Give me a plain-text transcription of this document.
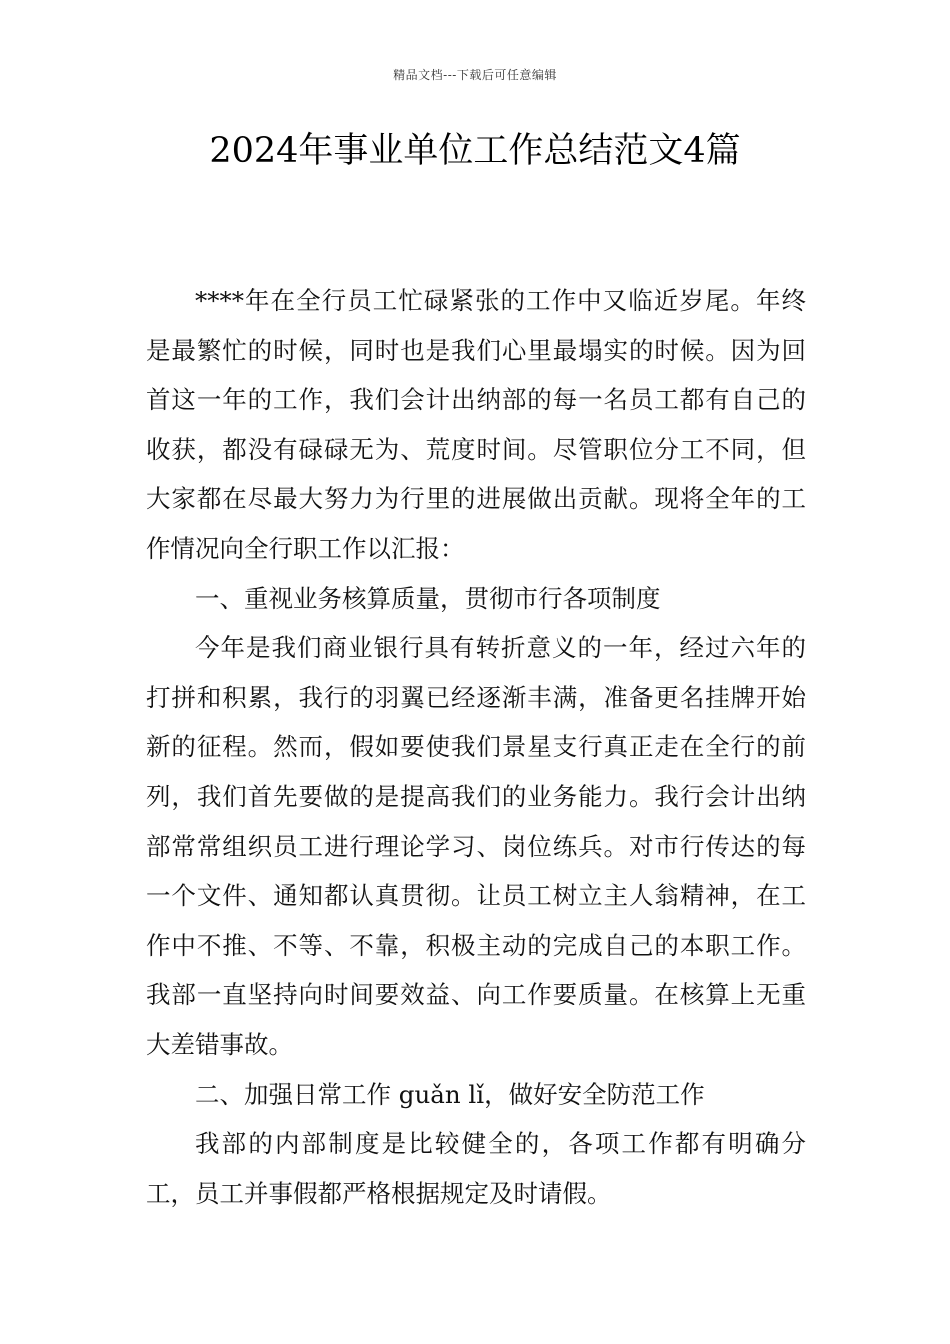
精品文档---下载后可任意编辑
2024年事业单位工作总结范文4篇

****年在全行员工忙碌紧张的工作中又临近岁尾。年终是最繁忙的时候，同时也是我们心里最塌实的时候。因为回首这一年的工作，我们会计出纳部的每一名员工都有自己的收获，都没有碌碌无为、荒度时间。尽管职位分工不同，但大家都在尽最大努力为行里的进展做出贡献。现将全年的工作情况向全行职工作以汇报：

一、重视业务核算质量，贯彻市行各项制度

今年是我们商业银行具有转折意义的一年，经过六年的打拼和积累，我行的羽翼已经逐渐丰满，准备更名挂牌开始新的征程。然而，假如要使我们景星支行真正走在全行的前列，我们首先要做的是提高我们的业务能力。我行会计出纳部常常组织员工进行理论学习、岗位练兵。对市行传达的每一个文件、通知都认真贯彻。让员工树立主人翁精神，在工作中不推、不等、不靠，积极主动的完成自己的本职工作。我部一直坚持向时间要效益、向工作要质量。在核算上无重大差错事故。

二、加强日常工作 guǎn lǐ，做好安全防范工作

我部的内部制度是比较健全的，各项工作都有明确分工，员工并事假都严格根据规定及时请假。
